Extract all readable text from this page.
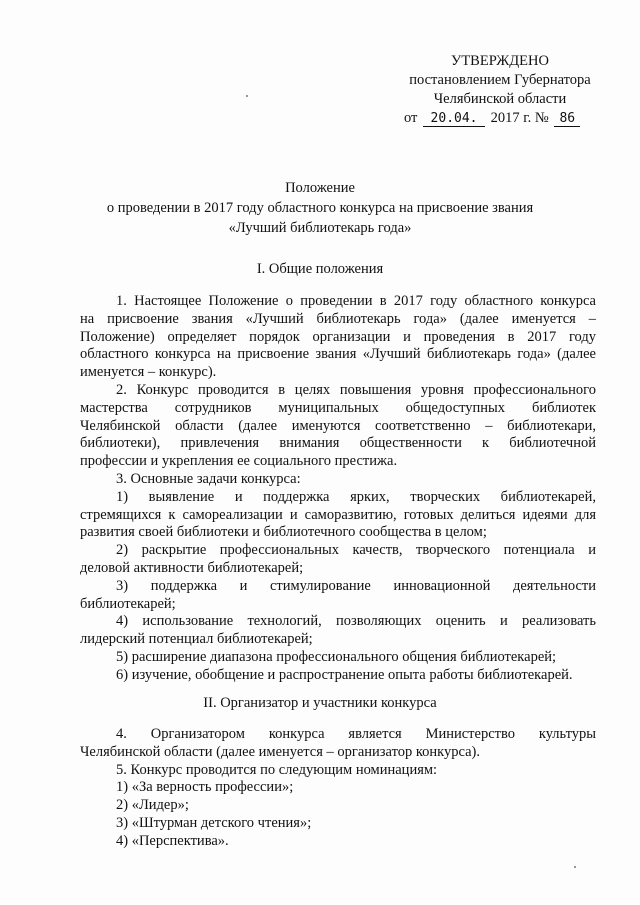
УТВЕРЖДЕНО
постановлением Губернатора
Челябинской области
от 20.04. 2017 г. № 86
Положение
о проведении в 2017 году областного конкурса на присвоение звания
«Лучший библиотекарь года»
I. Общие положения
1. Настоящее Положение о проведении в 2017 году областного конкурса
на присвоение звания «Лучший библиотекарь года» (далее именуется –
Положение) определяет порядок организации и проведения в 2017 году
областного конкурса на присвоение звания «Лучший библиотекарь года» (далее
именуется – конкурс).
2. Конкурс проводится в целях повышения уровня профессионального
мастерства сотрудников муниципальных общедоступных библиотек
Челябинской области (далее именуются соответственно – библиотекари,
библиотеки), привлечения внимания общественности к библиотечной
профессии и укрепления ее социального престижа.
3. Основные задачи конкурса:
1) выявление и поддержка ярких, творческих библиотекарей,
стремящихся к самореализации и саморазвитию, готовых делиться идеями для
развития своей библиотеки и библиотечного сообщества в целом;
2) раскрытие профессиональных качеств, творческого потенциала и
деловой активности библиотекарей;
3) поддержка и стимулирование инновационной деятельности
библиотекарей;
4) использование технологий, позволяющих оценить и реализовать
лидерский потенциал библиотекарей;
5) расширение диапазона профессионального общения библиотекарей;
6) изучение, обобщение и распространение опыта работы библиотекарей.
II. Организатор и участники конкурса
4. Организатором конкурса является Министерство культуры
Челябинской области (далее именуется – организатор конкурса).
5. Конкурс проводится по следующим номинациям:
1) «За верность профессии»;
2) «Лидер»;
3) «Штурман детского чтения»;
4) «Перспектива».
